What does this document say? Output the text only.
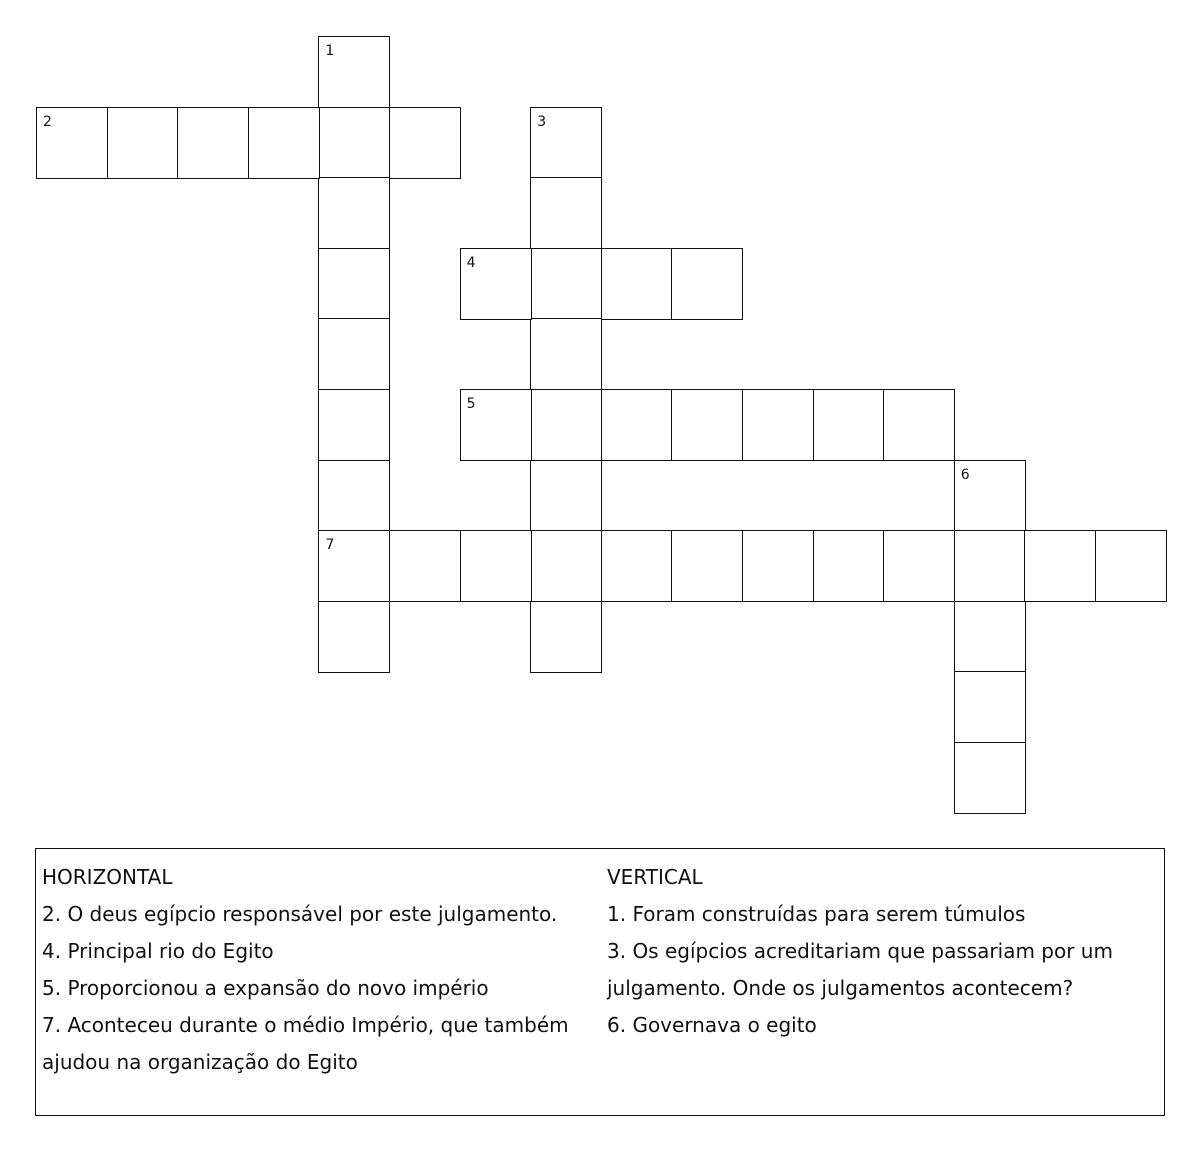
1
7
2	3
4
5
6
HORIZONTAL
2. O deus egípcio responsável por este julgamento.
4. Principal rio do Egito
5. Proporcionou a expansão do novo império
7. Aconteceu durante o médio Império, que também
ajudou na organização do Egito
VERTICAL
1. Foram construídas para serem túmulos
3. Os egípcios acreditariam que passariam por um
julgamento. Onde os julgamentos acontecem?
6. Governava o egito
